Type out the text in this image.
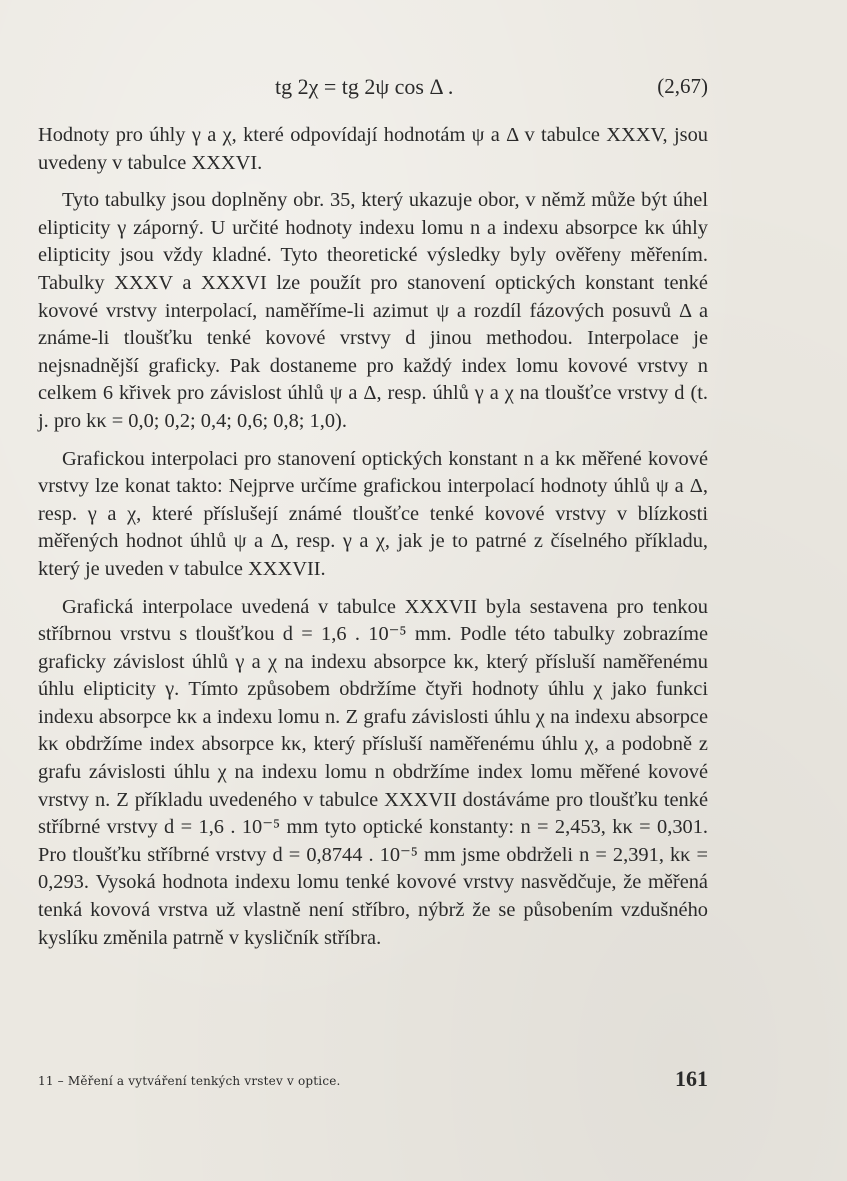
tg 2χ = tg 2ψ cos Δ .	(2,67)

Hodnoty pro úhly γ a χ, které odpovídají hodnotám ψ a Δ v tabulce XXXV, jsou uvedeny v tabulce XXXVI.

Tyto tabulky jsou doplněny obr. 35, který ukazuje obor, v němž může být úhel elipticity γ záporný. U určité hodnoty indexu lomu n a indexu absorpce kκ úhly elipticity jsou vždy kladné. Tyto theoretické výsledky byly ověřeny měřením. Tabulky XXXV a XXXVI lze použít pro stanovení optických konstant tenké kovové vrstvy interpolací, naměříme-li azimut ψ a rozdíl fázových posuvů Δ a známe-li tloušťku tenké kovové vrstvy d jinou methodou. Interpolace je nejsnadnější graficky. Pak dostaneme pro každý index lomu kovové vrstvy n celkem 6 křivek pro závislost úhlů ψ a Δ, resp. úhlů γ a χ na tloušťce vrstvy d (t. j. pro kκ = 0,0; 0,2; 0,4; 0,6; 0,8; 1,0).

Grafickou interpolaci pro stanovení optických konstant n a kκ měřené kovové vrstvy lze konat takto: Nejprve určíme grafickou interpolací hodnoty úhlů ψ a Δ, resp. γ a χ, které příslušejí známé tloušťce tenké kovové vrstvy v blízkosti měřených hodnot úhlů ψ a Δ, resp. γ a χ, jak je to patrné z číselného příkladu, který je uveden v tabulce XXXVII.

Grafická interpolace uvedená v tabulce XXXVII byla sestavena pro tenkou stříbrnou vrstvu s tloušťkou d = 1,6 . 10⁻⁵ mm. Podle této tabulky zobrazíme graficky závislost úhlů γ a χ na indexu absorpce kκ, který přísluší naměřenému úhlu elipticity γ. Tímto způsobem obdržíme čtyři hodnoty úhlu χ jako funkci indexu absorpce kκ a indexu lomu n. Z grafu závislosti úhlu χ na indexu absorpce kκ obdržíme index absorpce kκ, který přísluší naměřenému úhlu χ, a podobně z grafu závislosti úhlu χ na indexu lomu n obdržíme index lomu měřené kovové vrstvy n. Z příkladu uvedeného v tabulce XXXVII dostáváme pro tloušťku tenké stříbrné vrstvy d = 1,6 . 10⁻⁵ mm tyto optické konstanty: n = 2,453, kκ = 0,301. Pro tloušťku stříbrné vrstvy d = 0,8744 . 10⁻⁵ mm jsme obdrželi n = 2,391, kκ = 0,293. Vysoká hodnota indexu lomu tenké kovové vrstvy nasvědčuje, že měřená tenká kovová vrstva už vlastně není stříbro, nýbrž že se působením vzdušného kyslíku změnila patrně v kysličník stříbra.

11 – Měření a vytváření tenkých vrstev v optice.	161
